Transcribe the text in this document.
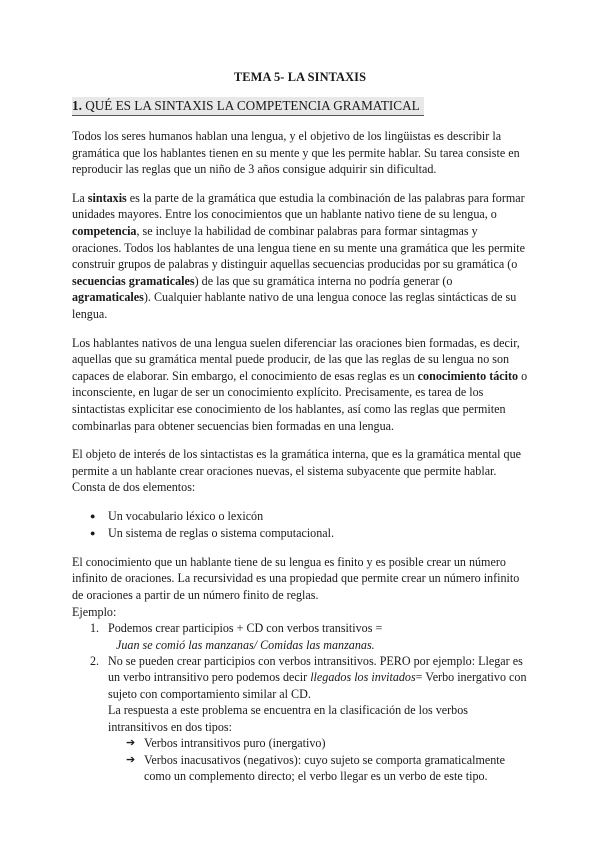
TEMA 5- LA SINTAXIS
1. QUÉ ES LA SINTAXIS LA COMPETENCIA GRAMATICAL

Todos los seres humanos hablan una lengua, y el objetivo de los lingüistas es describir la gramática que los hablantes tienen en su mente y que les permite hablar. Su tarea consiste en reproducir las reglas que un niño de 3 años consigue adquirir sin dificultad.

La sintaxis es la parte de la gramática que estudia la combinación de las palabras para formar unidades mayores. Entre los conocimientos que un hablante nativo tiene de su lengua, o competencia, se incluye la habilidad de combinar palabras para formar sintagmas y oraciones. Todos los hablantes de una lengua tiene en su mente una gramática que les permite construir grupos de palabras y distinguir aquellas secuencias producidas por su gramática (o secuencias gramaticales) de las que su gramática interna no podría generar (o agramaticales). Cualquier hablante nativo de una lengua conoce las reglas sintácticas de su lengua.

Los hablantes nativos de una lengua suelen diferenciar las oraciones bien formadas, es decir, aquellas que su gramática mental puede producir, de las que las reglas de su lengua no son capaces de elaborar. Sin embargo, el conocimiento de esas reglas es un conocimiento tácito o inconsciente, en lugar de ser un conocimiento explícito. Precisamente, es tarea de los sintactistas explicitar ese conocimiento de los hablantes, así como las reglas que permiten combinarlas para obtener secuencias bien formadas en una lengua.

El objeto de interés de los sintactistas es la gramática interna, que es la gramática mental que permite a un hablante crear oraciones nuevas, el sistema subyacente que permite hablar. Consta de dos elementos:

● Un vocabulario léxico o lexicón
● Un sistema de reglas o sistema computacional.

El conocimiento que un hablante tiene de su lengua es finito y es posible crear un número infinito de oraciones. La recursividad es una propiedad que permite crear un número infinito de oraciones a partir de un número finito de reglas.

Ejemplo:

1. Podemos crear participios + CD con verbos transitivos =
Juan se comió las manzanas/ Comidas las manzanas.
2. No se pueden crear participios con verbos intransitivos. PERO por ejemplo: Llegar es un verbo intransitivo pero podemos decir llegados los invitados= Verbo inergativo con sujeto con comportamiento similar al CD.
La respuesta a este problema se encuentra en la clasificación de los verbos intransitivos en dos tipos:
➔ Verbos intransitivos puro (inergativo)
➔ Verbos inacusativos (negativos): cuyo sujeto se comporta gramaticalmente como un complemento directo; el verbo llegar es un verbo de este tipo.
